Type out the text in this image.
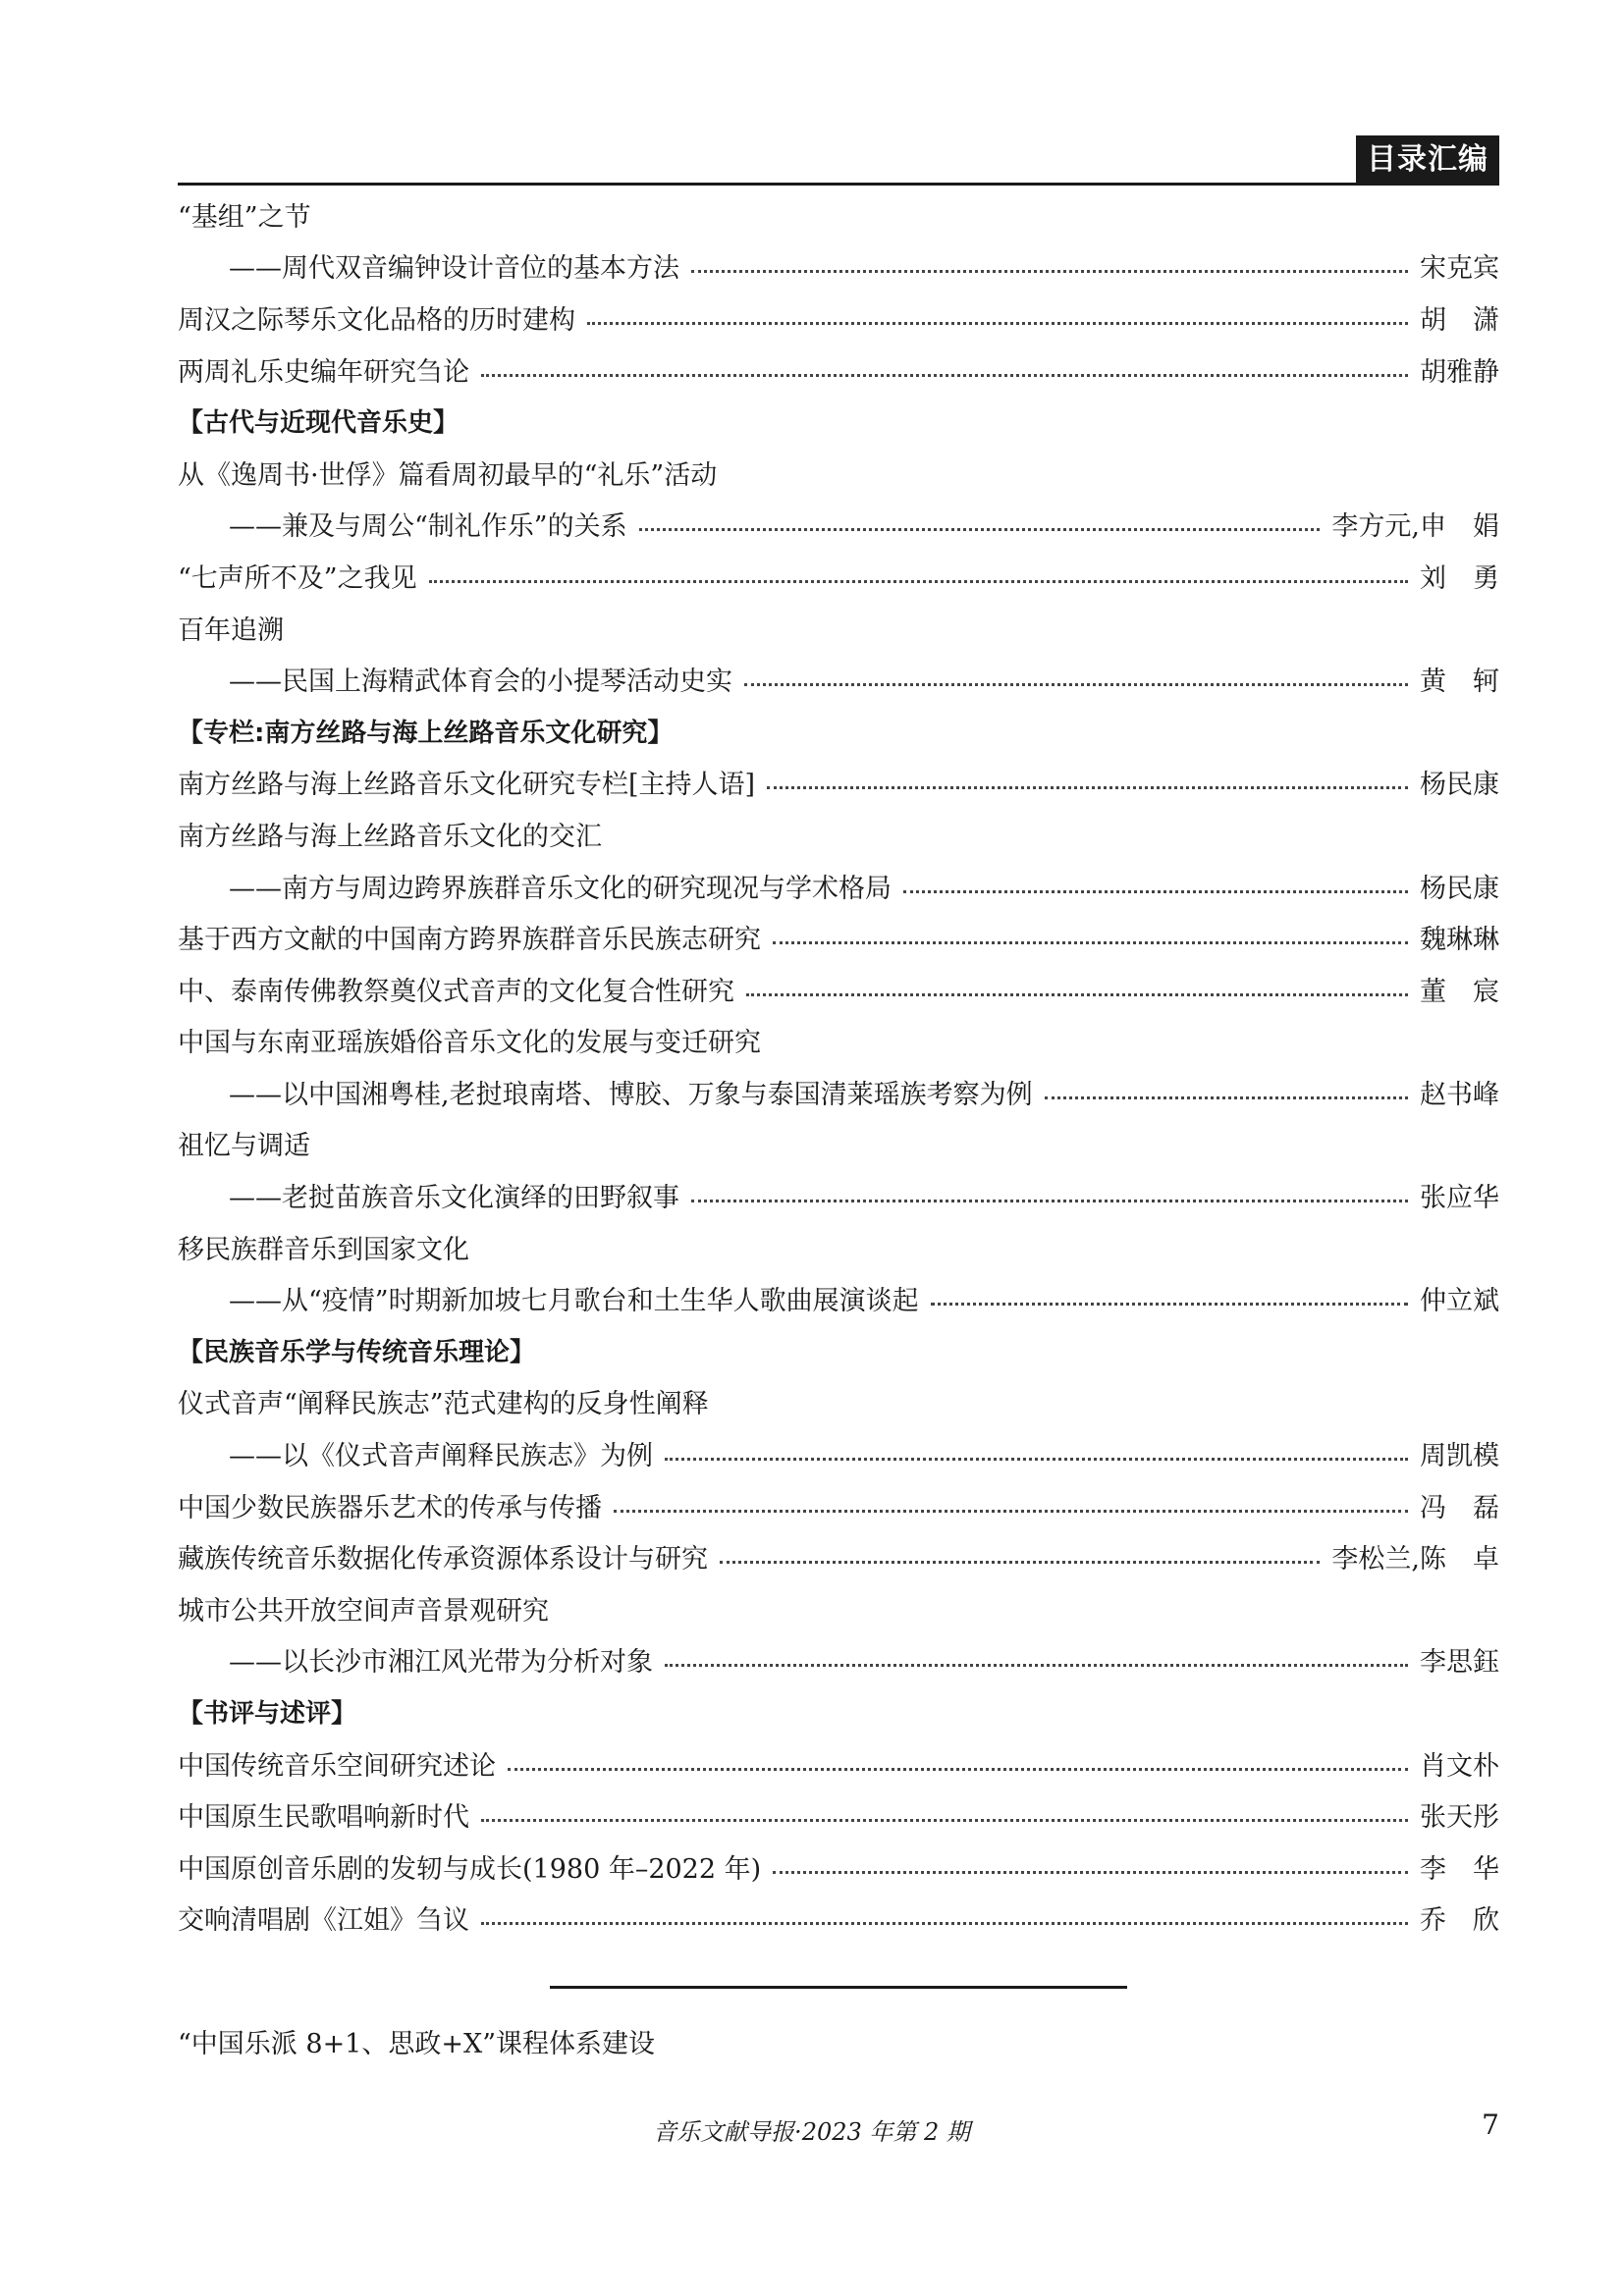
目录汇编
“基组”之节
——周代双音编钟设计音位的基本方法	宋克宾
周汉之际琴乐文化品格的历时建构	胡　潇
两周礼乐史编年研究刍论	胡雅静
【古代与近现代音乐史】
从《逸周书·世俘》篇看周初最早的“礼乐”活动
——兼及与周公“制礼作乐”的关系	李方元,申　娟
“七声所不及”之我见	刘　勇
百年追溯
——民国上海精武体育会的小提琴活动史实	黄　轲
【专栏:南方丝路与海上丝路音乐文化研究】
南方丝路与海上丝路音乐文化研究专栏[主持人语]	杨民康
南方丝路与海上丝路音乐文化的交汇
——南方与周边跨界族群音乐文化的研究现况与学术格局	杨民康
基于西方文献的中国南方跨界族群音乐民族志研究	魏琳琳
中、泰南传佛教祭奠仪式音声的文化复合性研究	董　宸
中国与东南亚瑶族婚俗音乐文化的发展与变迁研究
——以中国湘粤桂,老挝琅南塔、博胶、万象与泰国清莱瑶族考察为例	赵书峰
祖忆与调适
——老挝苗族音乐文化演绎的田野叙事	张应华
移民族群音乐到国家文化
——从“疫情”时期新加坡七月歌台和土生华人歌曲展演谈起	仲立斌
【民族音乐学与传统音乐理论】
仪式音声“阐释民族志”范式建构的反身性阐释
——以《仪式音声阐释民族志》为例	周凯模
中国少数民族器乐艺术的传承与传播	冯　磊
藏族传统音乐数据化传承资源体系设计与研究	李松兰,陈　卓
城市公共开放空间声音景观研究
——以长沙市湘江风光带为分析对象	李思鈺
【书评与述评】
中国传统音乐空间研究述论	肖文朴
中国原生民歌唱响新时代	张天彤
中国原创音乐剧的发轫与成长(1980 年–2022 年)	李　华
交响清唱剧《江姐》刍议	乔　欣
“中国乐派 8+1、思政+X”课程体系建设
音乐文献导报·2023 年第 2 期	7
